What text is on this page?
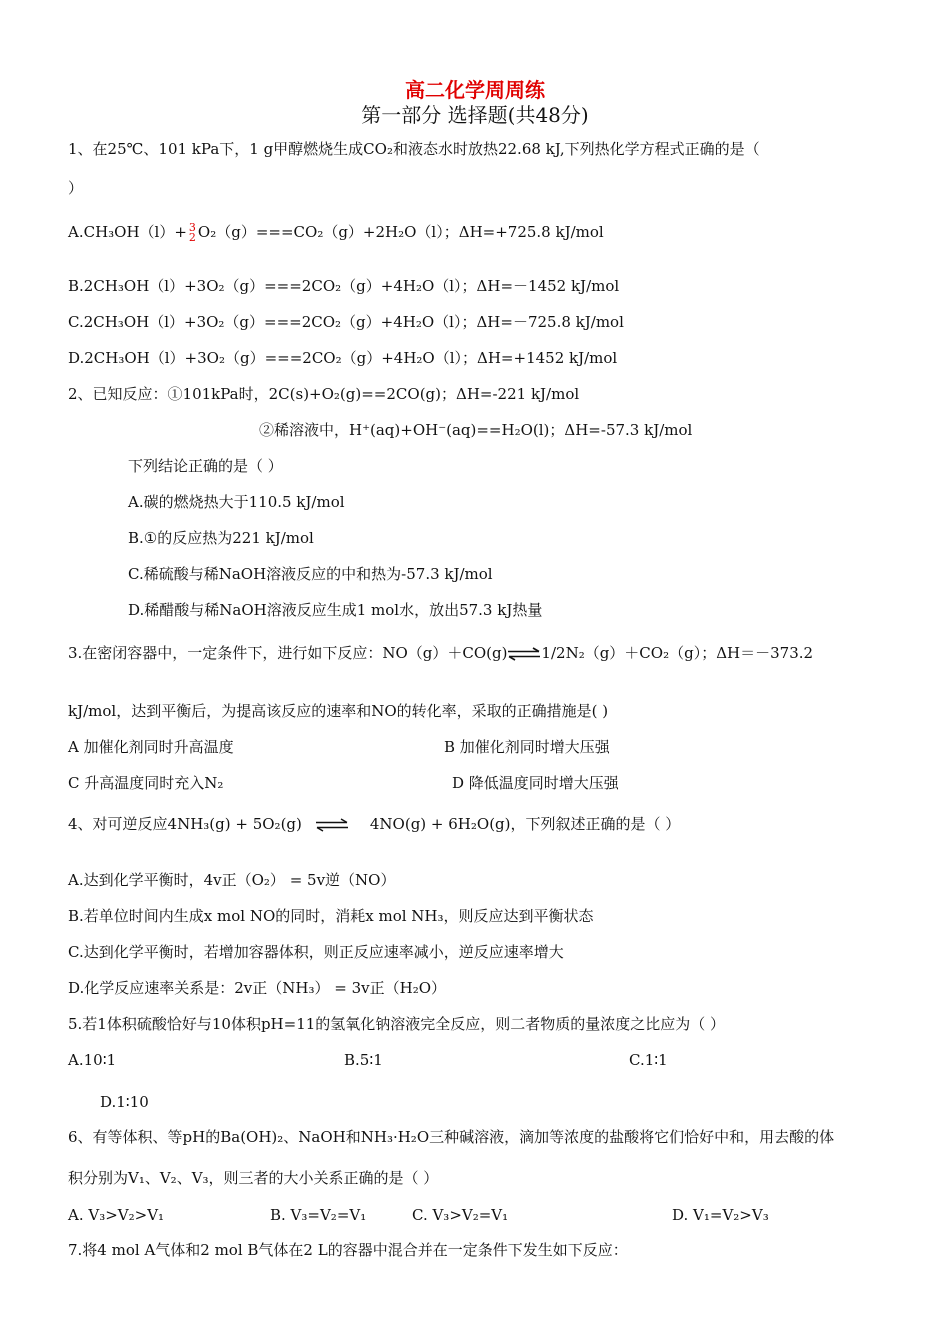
高二化学周周练
第一部分 选择题(共48分)
1、在25℃、101 kPa下，1 g甲醇燃烧生成CO₂和液态水时放热22.68 kJ,下列热化学方程式正确的是（
）
A.CH₃OH（l）+ 3
2 O₂（g）===CO₂（g）+2H₂O（l）；ΔH=+725.8 kJ/mol
B.2CH₃OH（l）+3O₂（g）===2CO₂（g）+4H₂O（l）；ΔH=－1452 kJ/mol
C.2CH₃OH（l）+3O₂（g）===2CO₂（g）+4H₂O（l）；ΔH=－725.8 kJ/mol
D.2CH₃OH（l）+3O₂（g）===2CO₂（g）+4H₂O（l）；ΔH=+1452 kJ/mol
2、已知反应：①101kPa时，2C(s)+O₂(g)==2CO(g)；ΔH=-221 kJ/mol
②稀溶液中，H⁺(aq)+OH⁻(aq)==H₂O(l)；ΔH=-57.3 kJ/mol
下列结论正确的是（ ）
A.碳的燃烧热大于110.5 kJ/mol
B.①的反应热为221 kJ/mol
C.稀硫酸与稀NaOH溶液反应的中和热为-57.3 kJ/mol
D.稀醋酸与稀NaOH溶液反应生成1 mol水，放出57.3 kJ热量
3.在密闭容器中，一定条件下，进行如下反应：NO（g）＋CO(g)⇌1/2N₂（g）＋CO₂（g）；ΔH＝－373.2
kJ/mol，达到平衡后，为提高该反应的速率和NO的转化率，采取的正确措施是( )
A 加催化剂同时升高温度	B 加催化剂同时增大压强
C 升高温度同时充入N₂	D 降低温度同时增大压强
4、对可逆反应4NH₃(g) + 5O₂(g) ⇌ 4NO(g) + 6H₂O(g)，下列叙述正确的是（ ）
A.达到化学平衡时，4v正（O₂） = 5v逆（NO）
B.若单位时间内生成x mol NO的同时，消耗x mol NH₃，则反应达到平衡状态
C.达到化学平衡时，若增加容器体积，则正反应速率减小，逆反应速率增大
D.化学反应速率关系是：2v正（NH₃） = 3v正（H₂O）
5.若1体积硫酸恰好与10体积pH=11的氢氧化钠溶液完全反应，则二者物质的量浓度之比应为（ ）
A.10∶1	B.5∶1	C.1∶1
D.1∶10
6、有等体积、等pH的Ba(OH)₂、NaOH和NH₃·H₂O三种碱溶液，滴加等浓度的盐酸将它们恰好中和，用去酸的体
积分别为V₁、V₂、V₃，则三者的大小关系正确的是（ ）
A. V₃>V₂>V₁	B. V₃=V₂=V₁	C. V₃>V₂=V₁	D. V₁=V₂>V₃
7.将4 mol A气体和2 mol B气体在2 L的容器中混合并在一定条件下发生如下反应：
